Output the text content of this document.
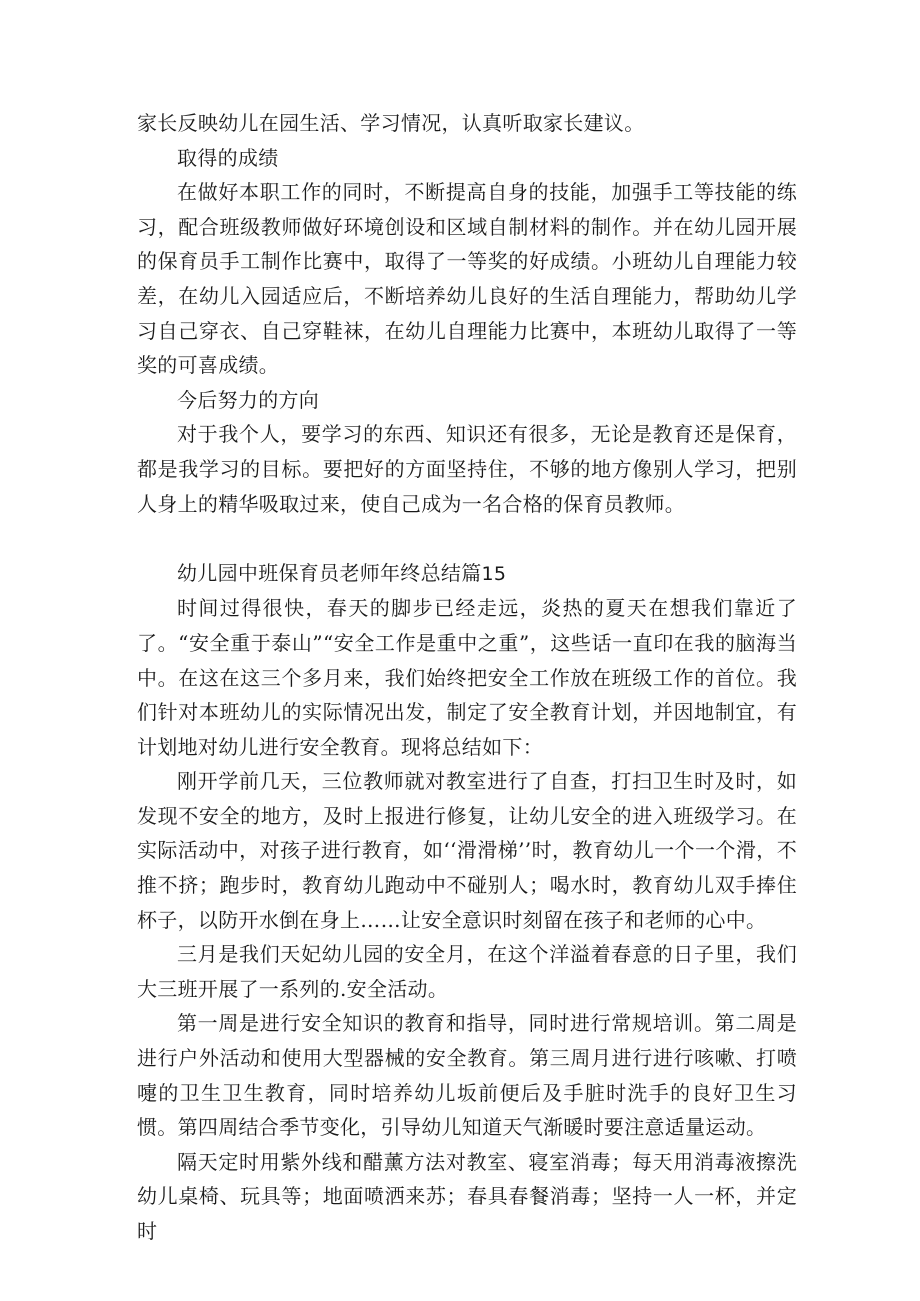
家长反映幼儿在园生活、学习情况，认真听取家长建议。

取得的成绩

在做好本职工作的同时，不断提高自身的技能，加强手工等技能的练习，配合班级教师做好环境创设和区域自制材料的制作。并在幼儿园开展的保育员手工制作比赛中，取得了一等奖的好成绩。小班幼儿自理能力较差，在幼儿入园适应后，不断培养幼儿良好的生活自理能力，帮助幼儿学习自己穿衣、自己穿鞋袜，在幼儿自理能力比赛中，本班幼儿取得了一等奖的可喜成绩。

今后努力的方向

对于我个人，要学习的东西、知识还有很多，无论是教育还是保育，都是我学习的目标。要把好的方面坚持住，不够的地方像别人学习，把别人身上的精华吸取过来，使自己成为一名合格的保育员教师。

幼儿园中班保育员老师年终总结篇15

时间过得很快，春天的脚步已经走远，炎热的夏天在想我们靠近了了。“安全重于泰山”“安全工作是重中之重”，这些话一直印在我的脑海当中。在这在这三个多月来，我们始终把安全工作放在班级工作的首位。我们针对本班幼儿的实际情况出发，制定了安全教育计划，并因地制宜，有计划地对幼儿进行安全教育。现将总结如下：

刚开学前几天，三位教师就对教室进行了自查，打扫卫生时及时，如发现不安全的地方，及时上报进行修复，让幼儿安全的进入班级学习。在实际活动中，对孩子进行教育，如‘‘滑滑梯’’时，教育幼儿一个一个滑，不推不挤；跑步时，教育幼儿跑动中不碰别人；喝水时，教育幼儿双手捧住杯子，以防开水倒在身上……让安全意识时刻留在孩子和老师的心中。

三月是我们天妃幼儿园的安全月，在这个洋溢着春意的日子里，我们大三班开展了一系列的.安全活动。

第一周是进行安全知识的教育和指导，同时进行常规培训。第二周是进行户外活动和使用大型器械的安全教育。第三周月进行进行咳嗽、打喷嚏的卫生卫生教育，同时培养幼儿坂前便后及手脏时洗手的良好卫生习惯。第四周结合季节变化，引导幼儿知道天气渐暖时要注意适量运动。

隔天定时用紫外线和醋薰方法对教室、寝室消毒；每天用消毒液擦洗幼儿桌椅、玩具等；地面喷洒来苏；春具春餐消毒；坚持一人一杯，并定时
